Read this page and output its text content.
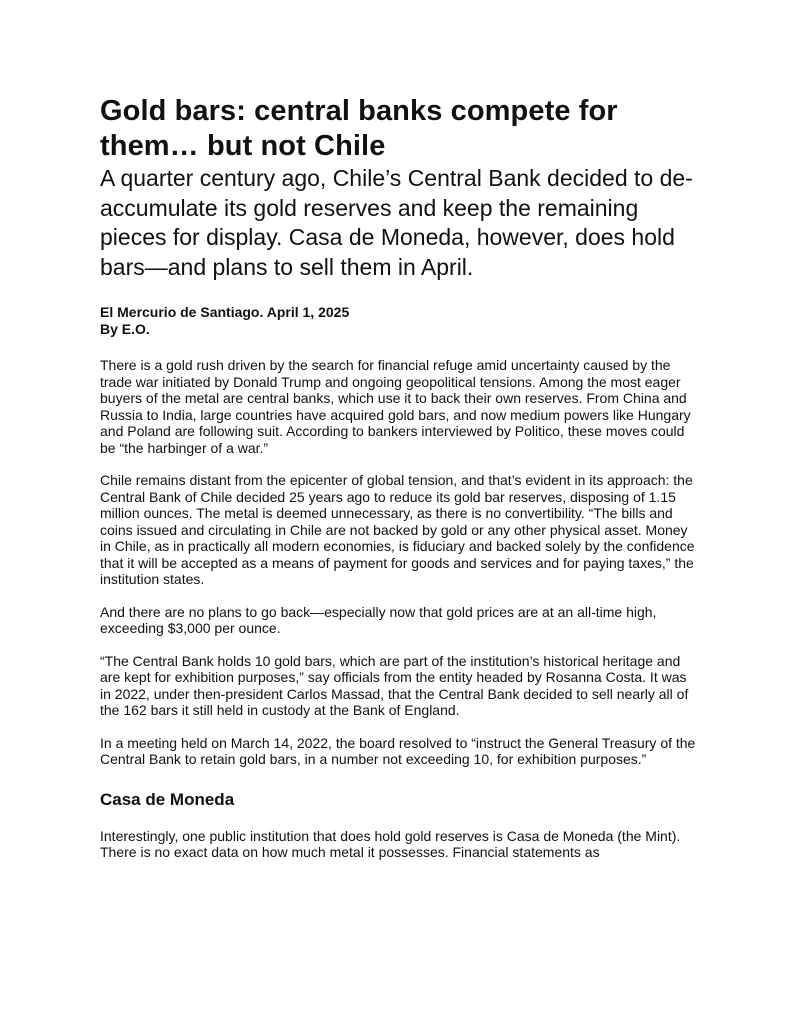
Gold bars: central banks compete for them… but not Chile
A quarter century ago, Chile’s Central Bank decided to de-accumulate its gold reserves and keep the remaining pieces for display. Casa de Moneda, however, does hold bars—and plans to sell them in April.
El Mercurio de Santiago. April 1, 2025
By E.O.

There is a gold rush driven by the search for financial refuge amid uncertainty caused by the trade war initiated by Donald Trump and ongoing geopolitical tensions. Among the most eager buyers of the metal are central banks, which use it to back their own reserves. From China and Russia to India, large countries have acquired gold bars, and now medium powers like Hungary and Poland are following suit. According to bankers interviewed by Politico, these moves could be “the harbinger of a war.”

Chile remains distant from the epicenter of global tension, and that’s evident in its approach: the Central Bank of Chile decided 25 years ago to reduce its gold bar reserves, disposing of 1.15 million ounces. The metal is deemed unnecessary, as there is no convertibility. “The bills and coins issued and circulating in Chile are not backed by gold or any other physical asset. Money in Chile, as in practically all modern economies, is fiduciary and backed solely by the confidence that it will be accepted as a means of payment for goods and services and for paying taxes,” the institution states.

And there are no plans to go back—especially now that gold prices are at an all-time high, exceeding $3,000 per ounce.

“The Central Bank holds 10 gold bars, which are part of the institution’s historical heritage and are kept for exhibition purposes,” say officials from the entity headed by Rosanna Costa. It was in 2022, under then-president Carlos Massad, that the Central Bank decided to sell nearly all of the 162 bars it still held in custody at the Bank of England.

In a meeting held on March 14, 2022, the board resolved to “instruct the General Treasury of the Central Bank to retain gold bars, in a number not exceeding 10, for exhibition purposes.”

Casa de Moneda

Interestingly, one public institution that does hold gold reserves is Casa de Moneda (the Mint). There is no exact data on how much metal it possesses. Financial statements as
